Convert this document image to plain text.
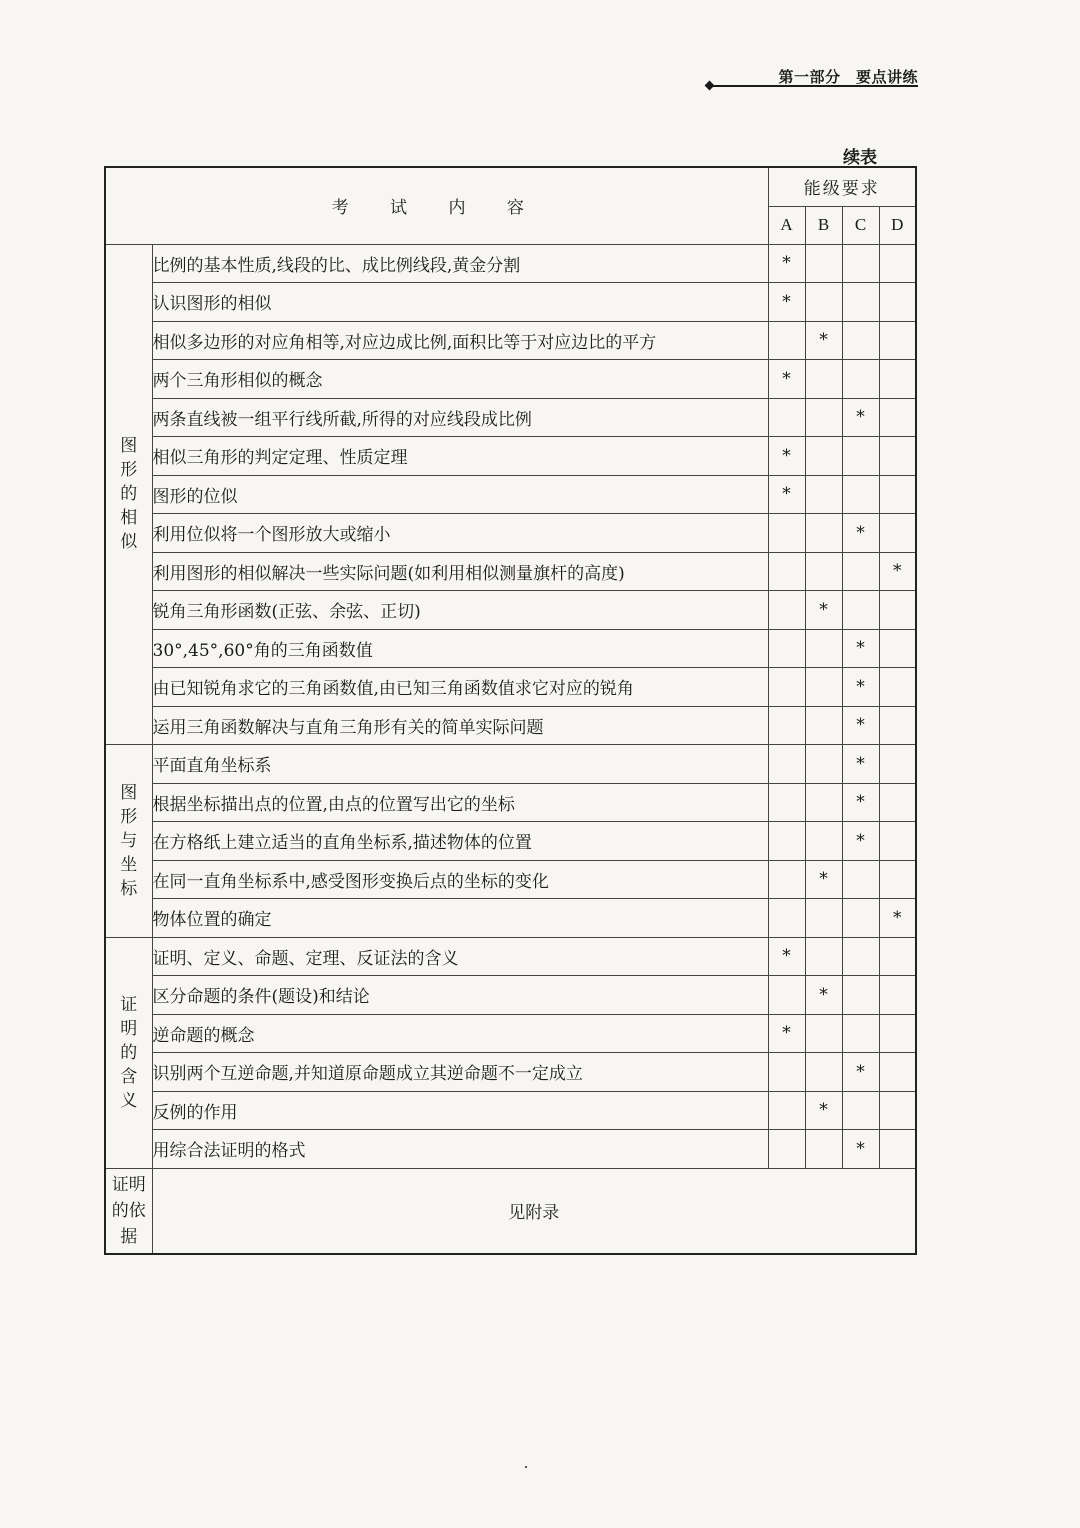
第一部分　要点讲练
续表
考 试 内 容		能级要求			
		A	B	C	D
图形的相似	比例的基本性质,线段的比、成比例线段,黄金分割	*			
	认识图形的相似	*			
	相似多边形的对应角相等,对应边成比例,面积比等于对应边比的平方		*		
	两个三角形相似的概念	*			
	两条直线被一组平行线所截,所得的对应线段成比例			*	
	相似三角形的判定定理、性质定理	*			
	图形的位似	*			
	利用位似将一个图形放大或缩小			*	
	利用图形的相似解决一些实际问题(如利用相似测量旗杆的高度)				*
	锐角三角形函数(正弦、余弦、正切)		*		
	30°,45°,60°角的三角函数值			*	
	由已知锐角求它的三角函数值,由已知三角函数值求它对应的锐角			*	
	运用三角函数解决与直角三角形有关的简单实际问题			*	
图形与坐标	平面直角坐标系			*	
	根据坐标描出点的位置,由点的位置写出它的坐标			*	
	在方格纸上建立适当的直角坐标系,描述物体的位置			*	
	在同一直角坐标系中,感受图形变换后点的坐标的变化		*		
	物体位置的确定				*
证明的含义	证明、定义、命题、定理、反证法的含义	*			
	区分命题的条件(题设)和结论		*		
	逆命题的概念	*			
	识别两个互逆命题,并知道原命题成立其逆命题不一定成立			*	
	反例的作用		*		
	用综合法证明的格式			*	
证明的依据	见附录				
